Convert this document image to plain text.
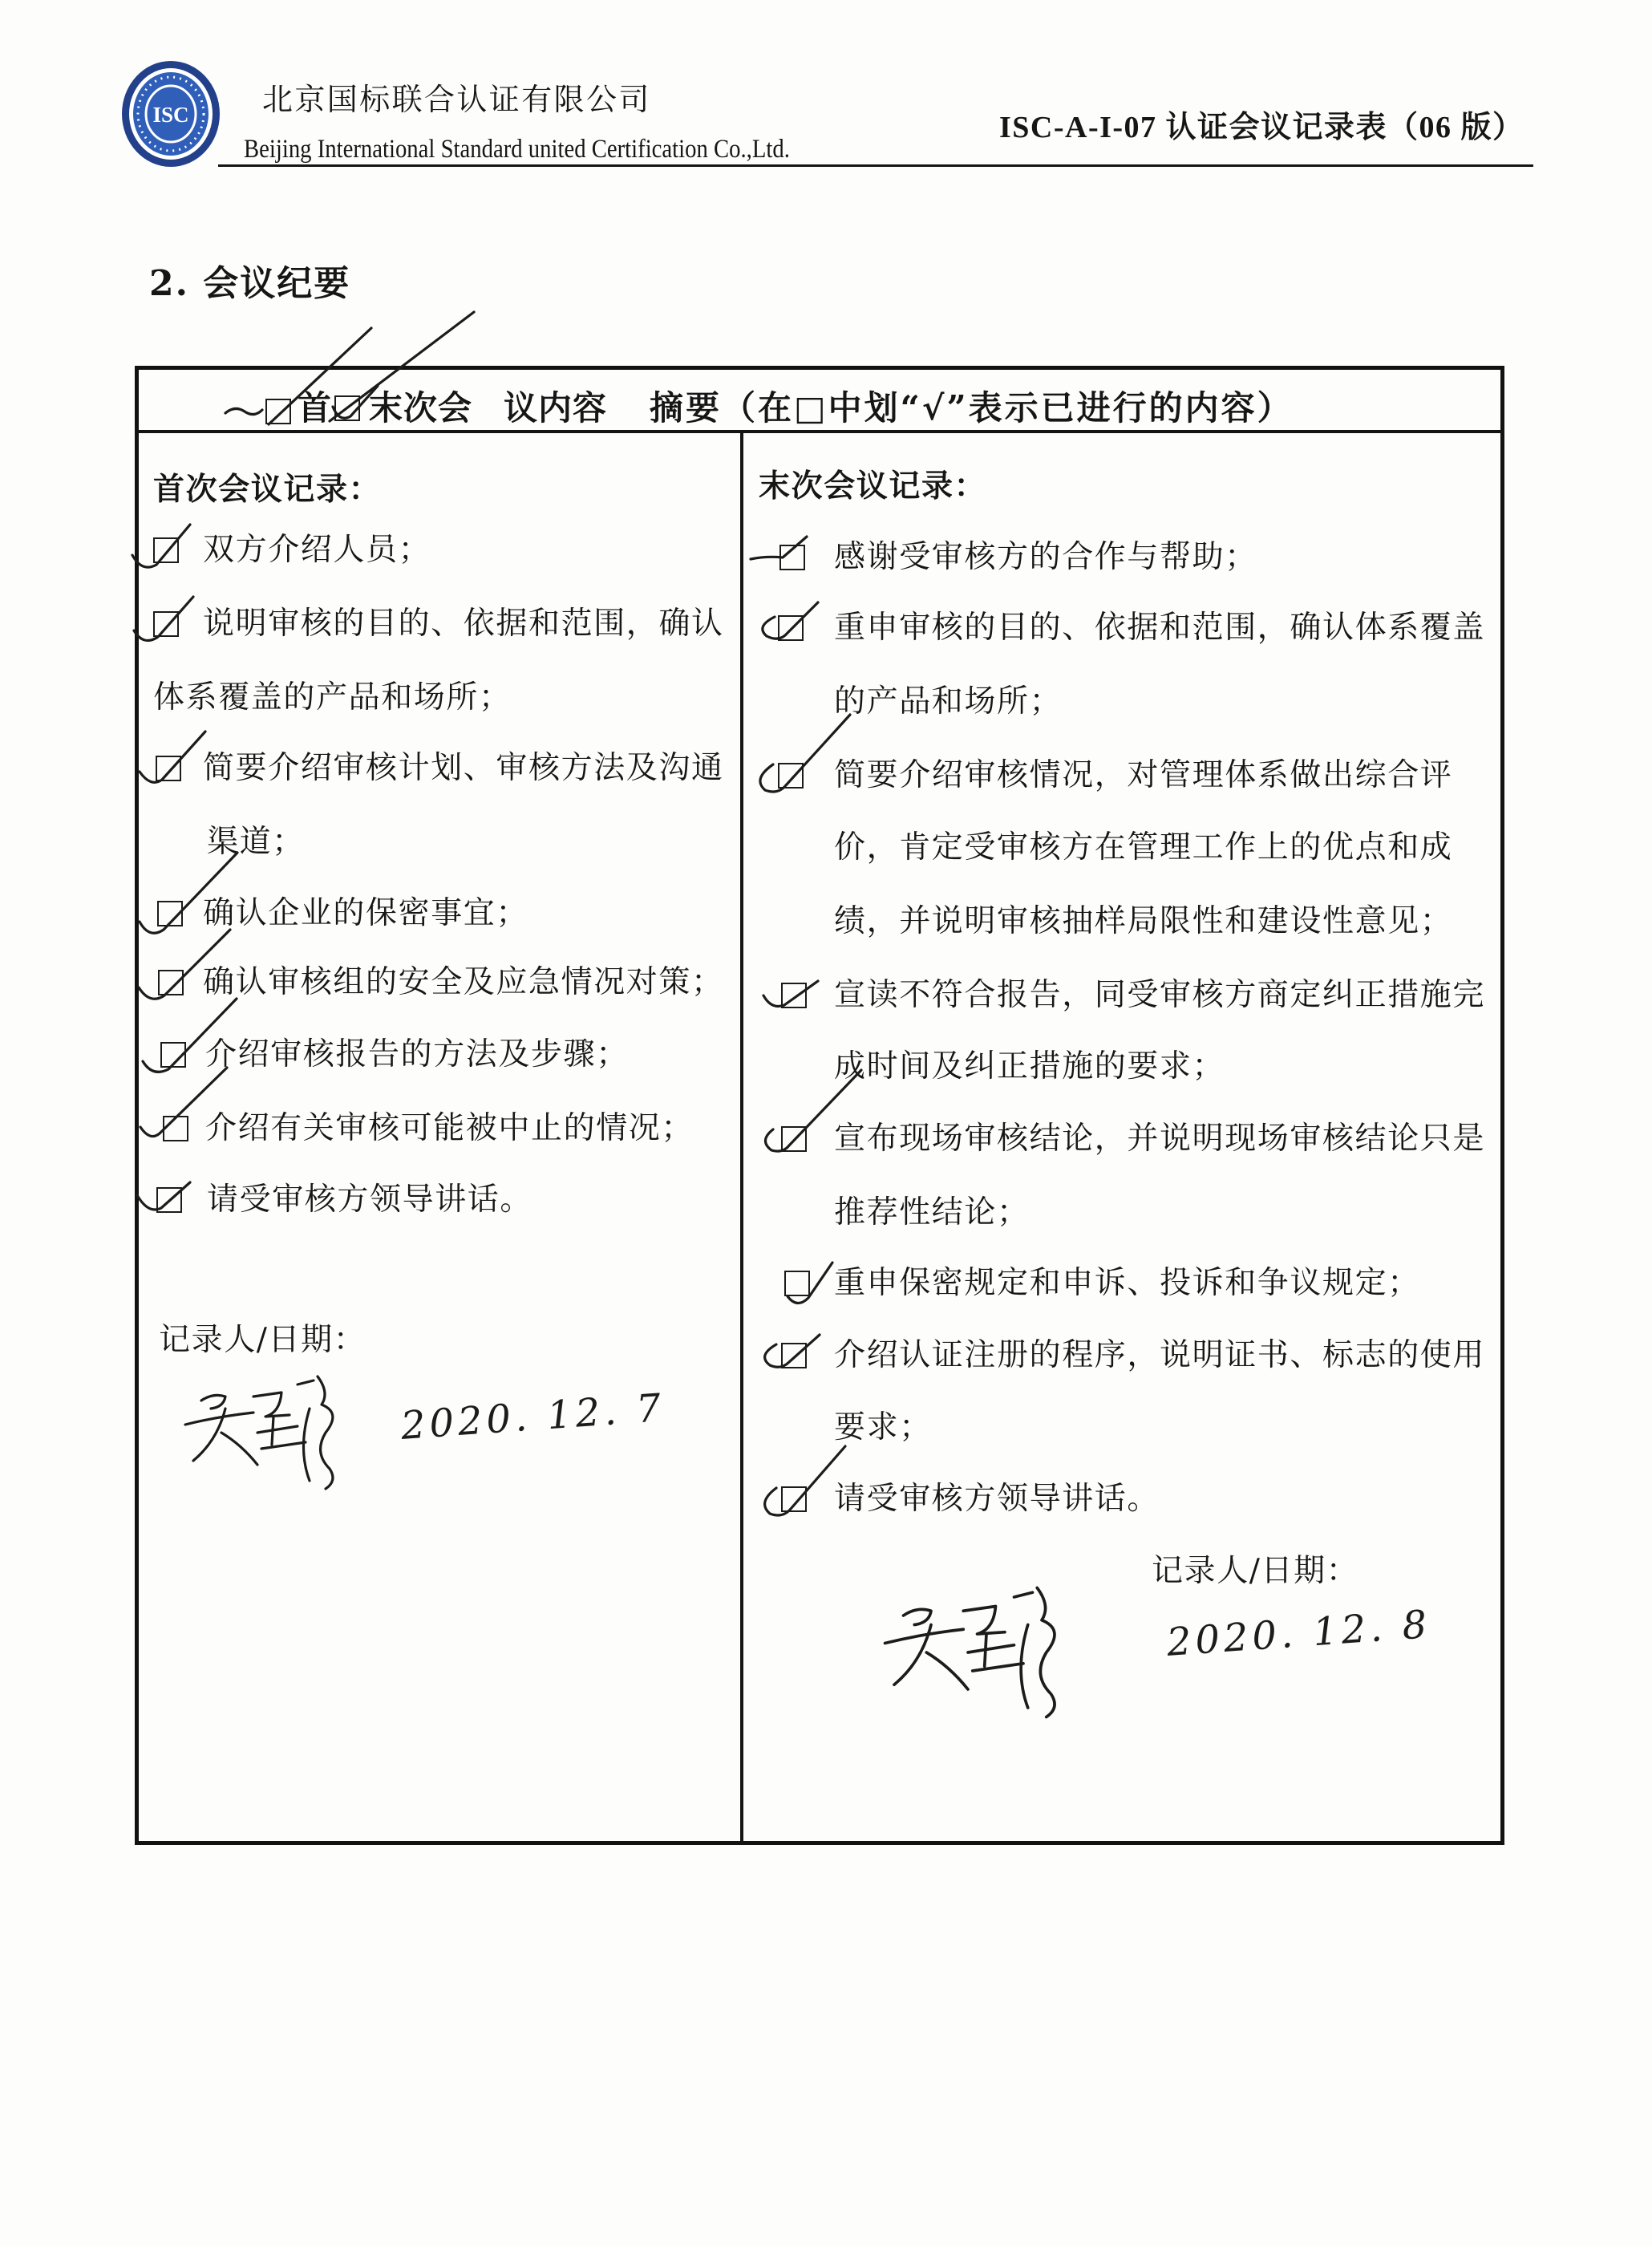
ISC 北京国标联合认证有限公司
Beijing International Standard united Certification Co.,Ltd.
ISC-A-I-07 认证会议记录表（06 版）
2. 会议纪要
首 末次会 议内容 摘要（在□中划“√”表示已进行的内容）
首次会议记录：
双方介绍人员；
说明审核的目的、依据和范围，确认
体系覆盖的产品和场所；
简要介绍审核计划、审核方法及沟通
渠道；
确认企业的保密事宜；
确认审核组的安全及应急情况对策；
介绍审核报告的方法及步骤；
介绍有关审核可能被中止的情况；
请受审核方领导讲话。
记录人/日期：
2020. 12. 7
末次会议记录：
感谢受审核方的合作与帮助；
重申审核的目的、依据和范围，确认体系覆盖
的产品和场所；
简要介绍审核情况，对管理体系做出综合评
价，肯定受审核方在管理工作上的优点和成
绩，并说明审核抽样局限性和建设性意见；
宣读不符合报告，同受审核方商定纠正措施完
成时间及纠正措施的要求；
宣布现场审核结论，并说明现场审核结论只是
推荐性结论；
重申保密规定和申诉、投诉和争议规定；
介绍认证注册的程序，说明证书、标志的使用
要求；
请受审核方领导讲话。
记录人/日期：
2020. 12. 8
